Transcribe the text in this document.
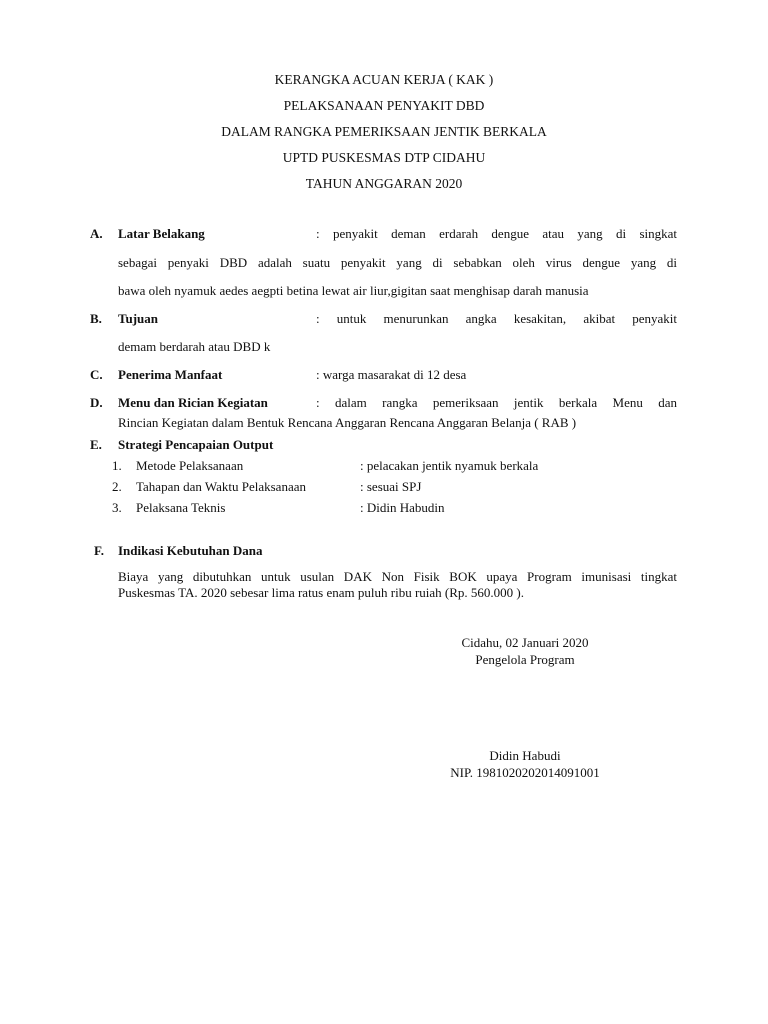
KERANGKA ACUAN KERJA ( KAK )
PELAKSANAAN PENYAKIT DBD
DALAM RANGKA PEMERIKSAAN JENTIK BERKALA
UPTD PUSKESMAS DTP CIDAHU
TAHUN ANGGARAN 2020
A. Latar Belakang	: penyakit deman erdarah dengue atau yang di singkat
sebagai penyaki DBD adalah suatu penyakit yang di sebabkan oleh virus dengue yang di
bawa oleh nyamuk aedes aegpti betina lewat air liur,gigitan saat menghisap darah manusia
B. Tujuan	: untuk menurunkan angka kesakitan, akibat penyakit
demam berdarah atau DBD k
C. Penerima Manfaat	: warga masarakat di 12 desa
D. Menu dan Rician Kegiatan	: dalam rangka pemeriksaan jentik berkala Menu dan
Rincian Kegiatan dalam Bentuk Rencana Anggaran Rencana Anggaran Belanja ( RAB )
E. Strategi Pencapaian Output
1. Metode Pelaksanaan	: pelacakan jentik nyamuk berkala
2. Tahapan dan Waktu Pelaksanaan	: sesuai SPJ
3. Pelaksana Teknis	: Didin Habudin
F. Indikasi Kebutuhan Dana
Biaya yang dibutuhkan untuk usulan DAK Non Fisik BOK upaya Program imunisasi tingkat
Puskesmas TA. 2020 sebesar lima ratus enam puluh ribu ruiah (Rp. 560.000 ).
Cidahu, 02 Januari 2020
Pengelola Program
Didin Habudi
NIP. 198102020201409100​1
